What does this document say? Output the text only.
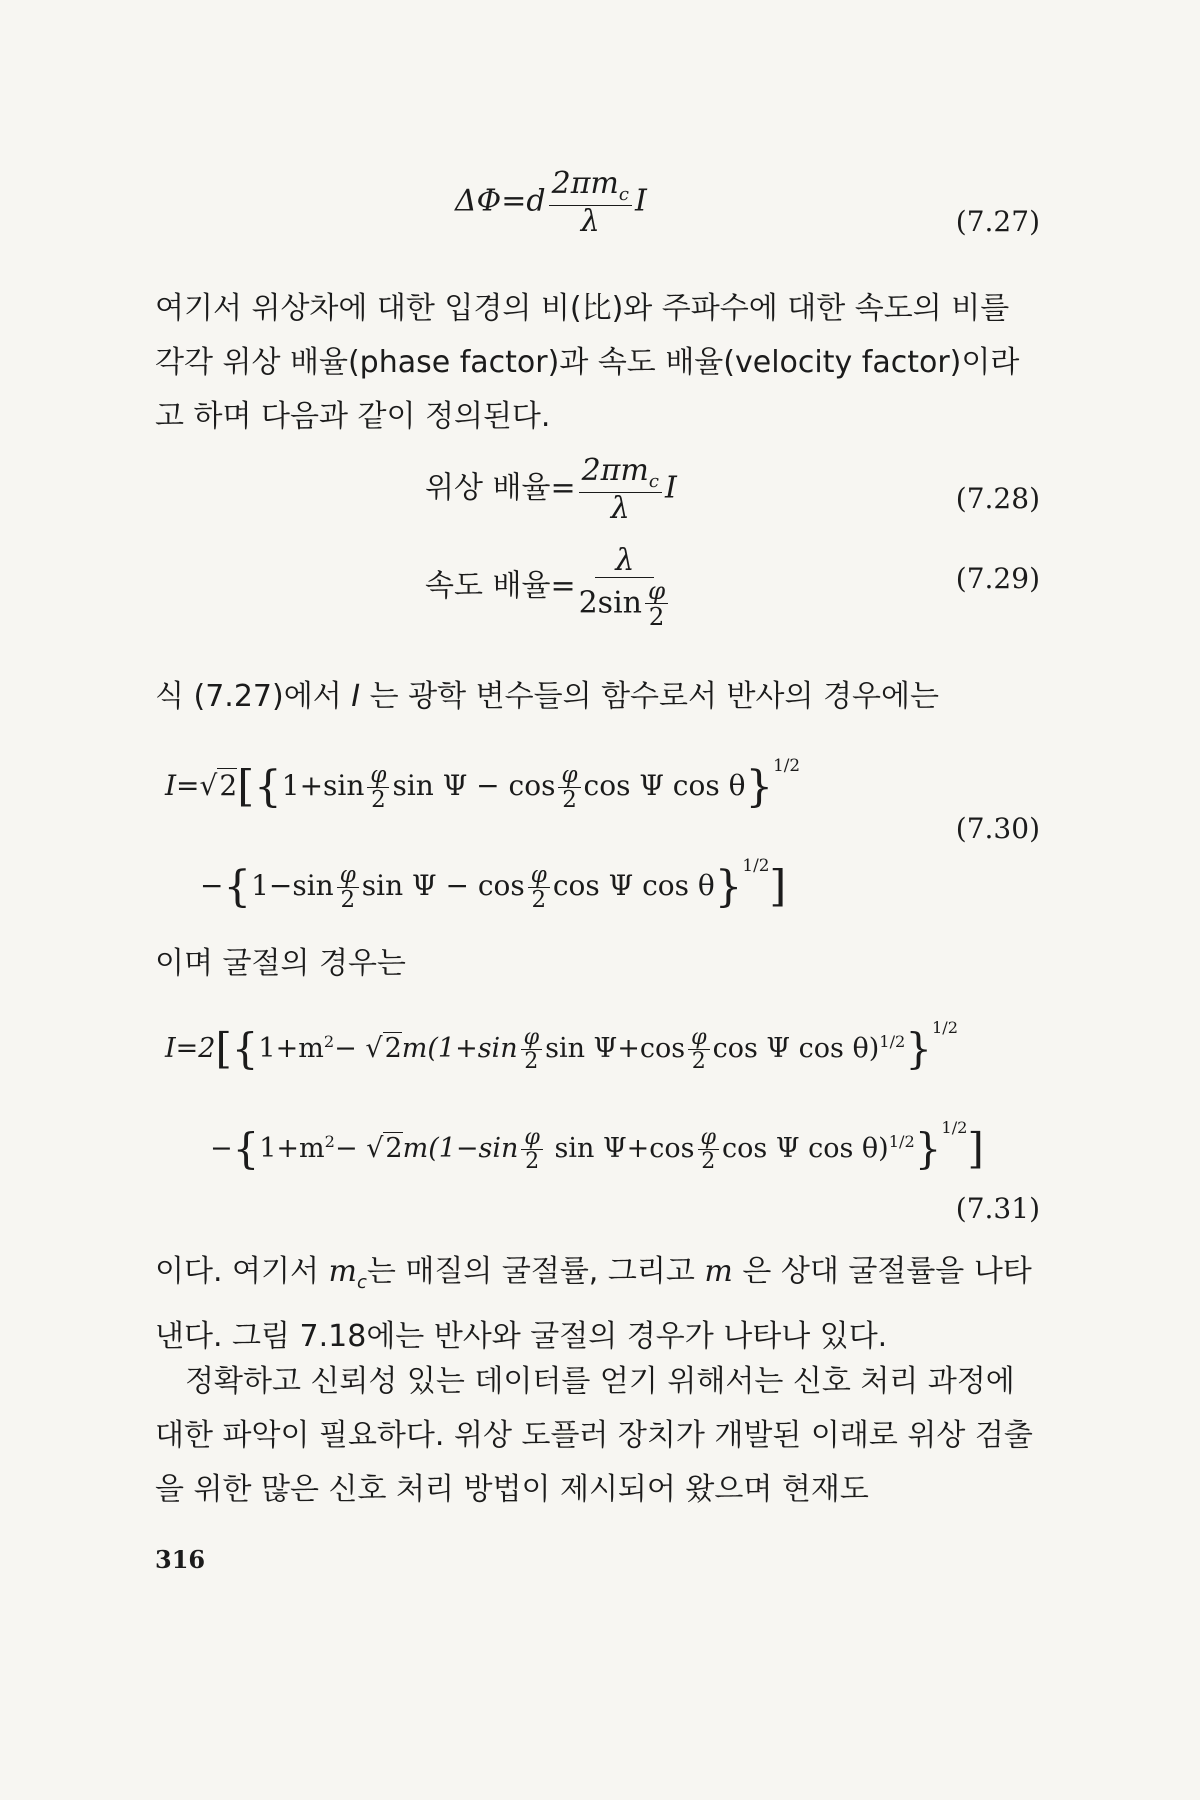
$\Delta\Phi=d \frac{2\pi m_c}{\lambda}$ I
(7.27)
여기서 위상차에 대한 입경의 비(比)와 주파수에 대한 속도의 비를 각각 위상 배율(phase factor)과 속도 배율(velocity factor)이라고 하며 다음과 같이 정의된다.
위상 배율= $\frac{2\pi m_c}{\lambda}$ I	(7.28)
속도 배율= $\frac{\lambda}{2\sin \frac{\varphi}{2}}$	(7.29)
식 (7.27)에서 I 는 광학 변수들의 함수로서 반사의 경우에는
$I=√2[\{1+\sin \frac{\varphi}{2}$ $\sin \Psi - \cos \frac{\varphi}{2}$ cos Ψ cos θ}$^{1/2}$
$-\{1-\sin \frac{\varphi}{2}$ $\sin \Psi - \cos \frac{\varphi}{2}$ cos Ψ cos θ}$^{1/2}$]
(7.30)
이며 굴절의 경우는
$I=2[\{1+m^2- √2m(1+\sin \frac{\varphi}{2}$ $\sin \Psi+\cos \frac{\varphi}{2}$ cos Ψ cos θ)$^{1/2}$}$^{1/2}$
$-\{1+m^2- √2m(1-\sin \frac{\varphi}{2}$ $\sin \Psi+\cos \frac{\varphi}{2}$ cos Ψ cos θ)$^{1/2}$}$^{1/2}$]
(7.31)
이다. 여기서 $m_c$는 매질의 굴절률, 그리고 m 은 상대 굴절률을 나타낸다. 그림 7.18에는 반사와 굴절의 경우가 나타나 있다.
정확하고 신뢰성 있는 데이터를 얻기 위해서는 신호 처리 과정에 대한 파악이 필요하다. 위상 도플러 장치가 개발된 이래로 위상 검출을 위한 많은 신호 처리 방법이 제시되어 왔으며 현재도
316
